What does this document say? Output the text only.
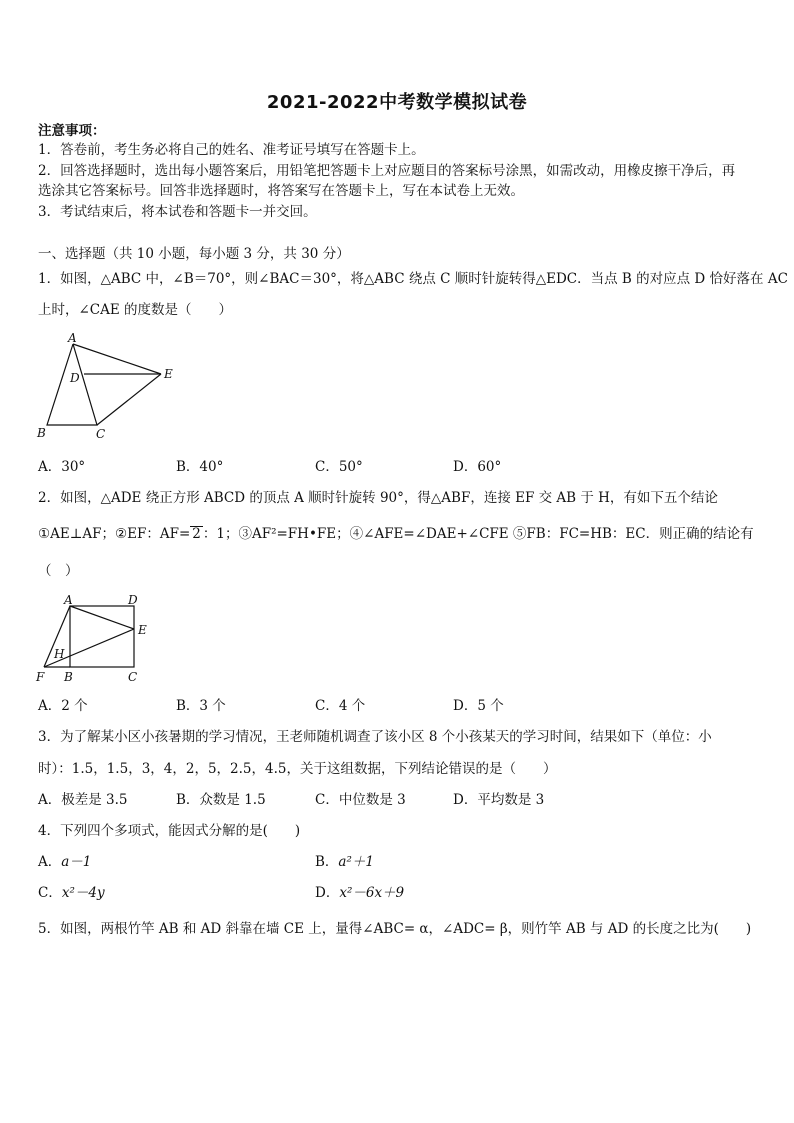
2021-2022中考数学模拟试卷
注意事项：
1．答卷前，考生务必将自己的姓名、准考证号填写在答题卡上。
2．回答选择题时，选出每小题答案后，用铅笔把答题卡上对应题目的答案标号涂黑，如需改动，用橡皮擦干净后，再
选涂其它答案标号。回答非选择题时，将答案写在答题卡上，写在本试卷上无效。
3．考试结束后，将本试卷和答题卡一并交回。
一、选择题（共 10 小题，每小题 3 分，共 30 分）
1．如图，△ABC 中，∠B＝70°，则∠BAC＝30°，将△ABC 绕点 C 顺时针旋转得△EDC．当点 B 的对应点 D 恰好落在 AC
上时，∠CAE 的度数是（　　）
A
D	E
B	C
A．30°	B．40°	C．50°	D．60°
2．如图，△ADE 绕正方形 ABCD 的顶点 A 顺时针旋转 90°，得△ABF，连接 EF 交 AB 于 H，有如下五个结论
①AE⊥AF；②EF：AF= 2 ：1；③AF²=FH•FE；④∠AFE=∠DAE+∠CFE ⑤FB：FC=HB：EC．则正确的结论有
（　）
A	D
E
H
F B	C
A．2 个	B．3 个	C．4 个	D．5 个
3．为了解某小区小孩暑期的学习情况，王老师随机调查了该小区 8 个小孩某天的学习时间，结果如下（单位：小
时）：1.5，1.5，3，4，2，5，2.5，4.5，关于这组数据，下列结论错误的是（　　）
A．极差是 3.5	B．众数是 1.5	C．中位数是 3	D．平均数是 3
4．下列四个多项式，能因式分解的是(　　)
A．a－1	B．a²＋1
C．x²－4y	D．x²－6x＋9
5．如图，两根竹竿 AB 和 AD 斜靠在墙 CE 上，量得∠ABC= α，∠ADC= β，则竹竿 AB 与 AD 的长度之比为(　　)
